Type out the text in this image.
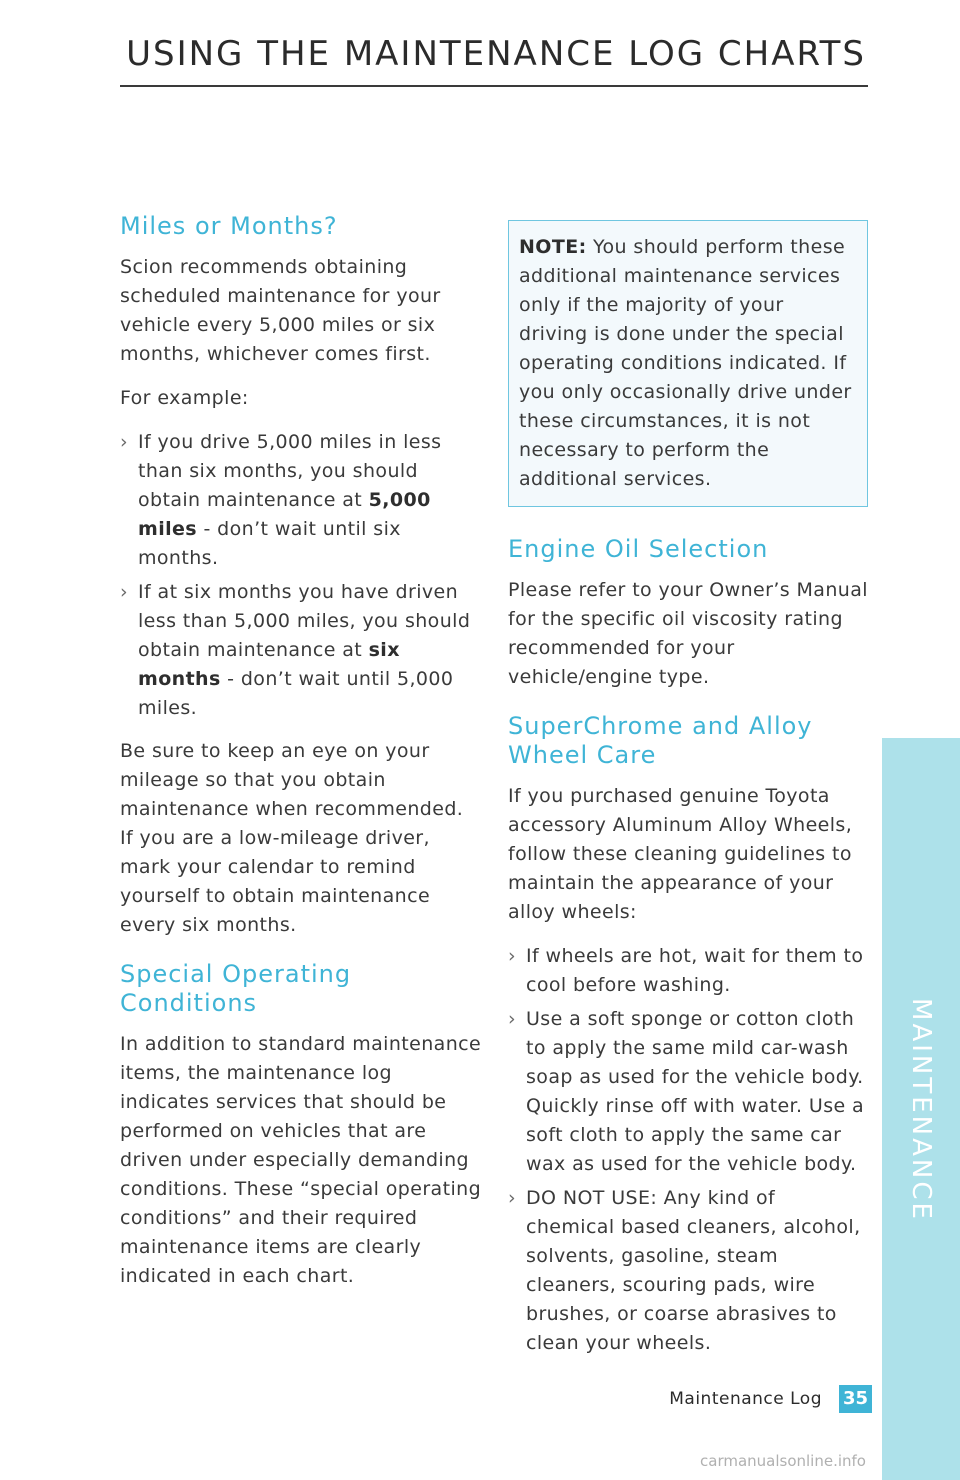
USING THE MAINTENANCE LOG CHARTS
Miles or Months?

Scion recommends obtaining scheduled maintenance for your vehicle every 5,000 miles or six months, whichever comes first.

For example:

› If you drive 5,000 miles in less than six months, you should obtain maintenance at 5,000 miles - don’t wait until six months.
› If at six months you have driven less than 5,000 miles, you should obtain maintenance at six months - don’t wait until 5,000 miles.

Be sure to keep an eye on your mileage so that you obtain maintenance when recommended. If you are a low-mileage driver, mark your calendar to remind yourself to obtain maintenance every six months.

Special Operating Conditions

In addition to standard maintenance items, the maintenance log indicates services that should be performed on vehicles that are driven under especially demanding conditions. These “special operating conditions” and their required maintenance items are clearly indicated in each chart.

NOTE: You should perform these additional maintenance services only if the majority of your driving is done under the special operating conditions indicated. If you only occasionally drive under these circumstances, it is not necessary to perform the additional services.

Engine Oil Selection

Please refer to your Owner’s Manual for the specific oil viscosity rating recommended for your vehicle/engine type.

SuperChrome and Alloy Wheel Care

If you purchased genuine Toyota accessory Aluminum Alloy Wheels, follow these cleaning guidelines to maintain the appearance of your alloy wheels:

› If wheels are hot, wait for them to cool before washing.
› Use a soft sponge or cotton cloth to apply the same mild car-wash soap as used for the vehicle body. Quickly rinse off with water. Use a soft cloth to apply the same car wax as used for the vehicle body.
› DO NOT USE: Any kind of chemical based cleaners, alcohol, solvents, gasoline, steam cleaners, scouring pads, wire brushes, or coarse abrasives to clean your wheels.
MAINTENANCE
Maintenance Log 35
carmanualsonline.info
